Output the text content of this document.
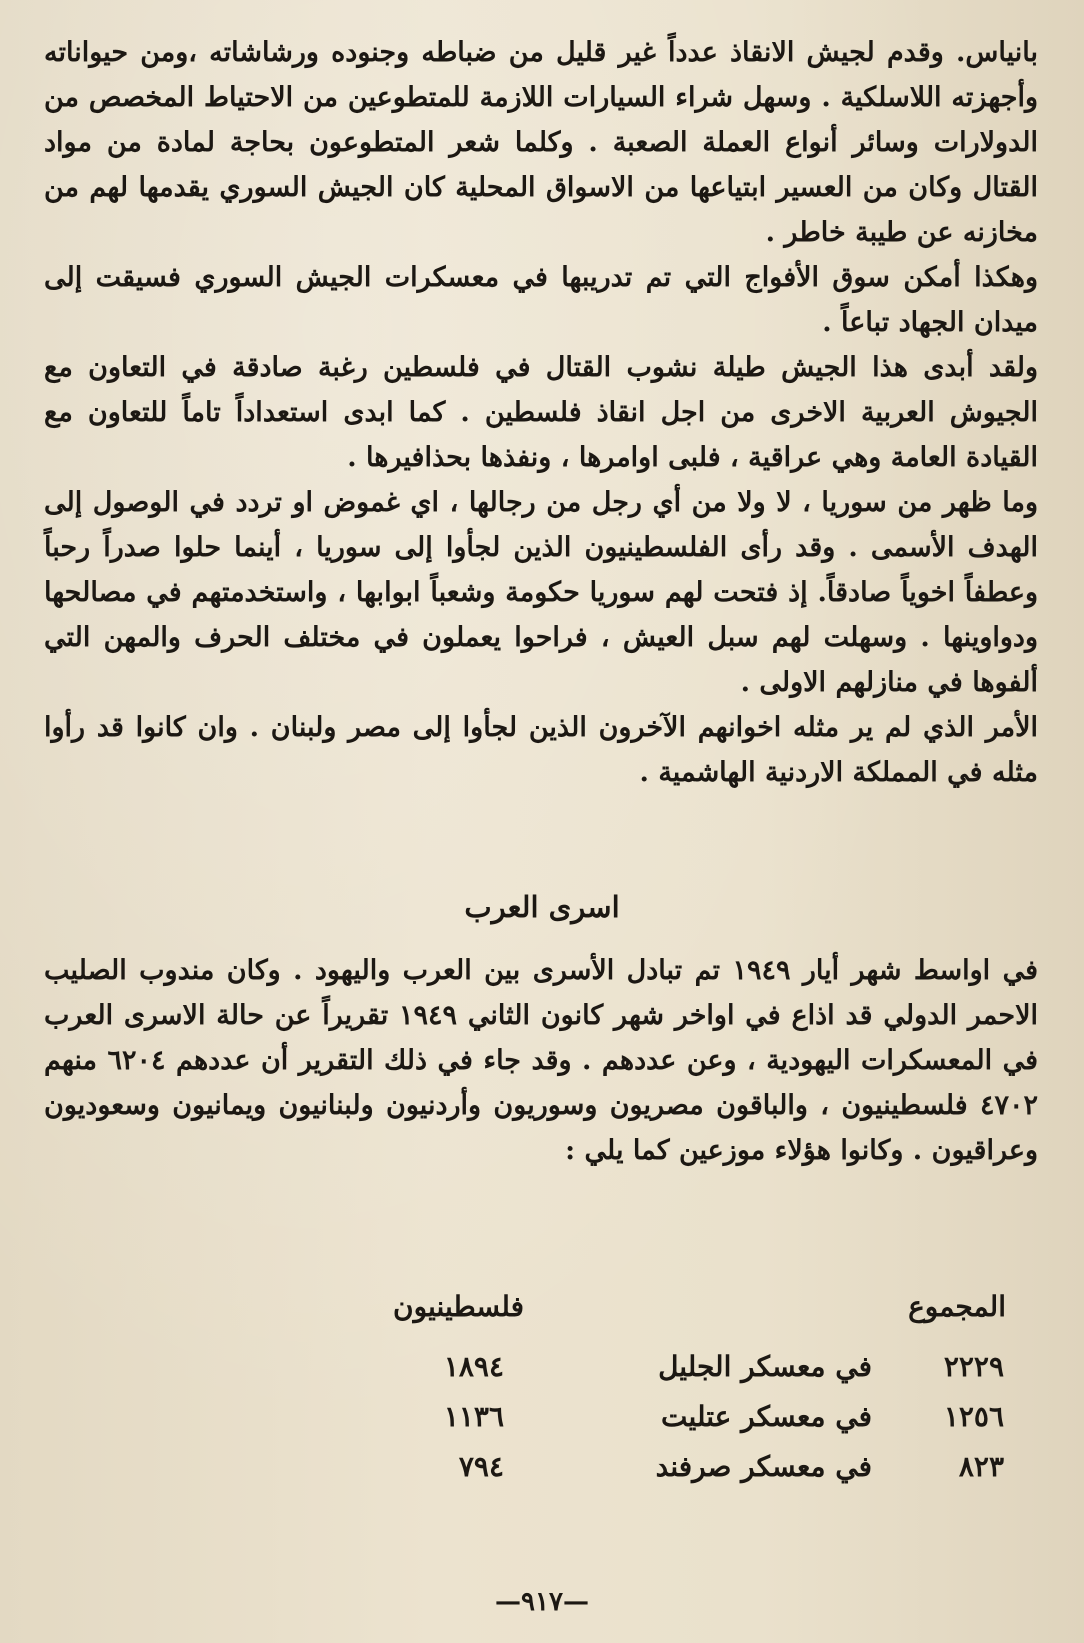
بانياس. وقدم لجيش الانقاذ عدداً غير قليل من ضباطه وجنوده ورشاشاته ،ومن حيواناته وأجهزته اللاسلكية . وسهل شراء السيارات اللازمة للمتطوعين من الاحتياط المخصص من الدولارات وسائر أنواع العملة الصعبة . وكلما شعر المتطوعون بحاجة لمادة من مواد القتال وكان من العسير ابتياعها من الاسواق المحلية كان الجيش السوري يقدمها لهم من مخازنه عن طيبة خاطر .

وهكذا أمكن سوق الأفواج التي تم تدريبها في معسكرات الجيش السوري فسيقت إلى ميدان الجهاد تباعاً .

ولقد أبدى هذا الجيش طيلة نشوب القتال في فلسطين رغبة صادقة في التعاون مع الجيوش العربية الاخرى من اجل انقاذ فلسطين . كما ابدى استعداداً تاماً للتعاون مع القيادة العامة وهي عراقية ، فلبى اوامرها ، ونفذها بحذافيرها .

وما ظهر من سوريا ، لا ولا من أي رجل من رجالها ، اي غموض او تردد في الوصول إلى الهدف الأسمى . وقد رأى الفلسطينيون الذين لجأوا إلى سوريا ، أينما حلوا صدراً رحباً وعطفاً اخوياً صادقاً. إذ فتحت لهم سوريا حكومة وشعباً ابوابها ، واستخدمتهم في مصالحها ودواوينها . وسهلت لهم سبل العيش ، فراحوا يعملون في مختلف الحرف والمهن التي ألفوها في منازلهم الاولى .

الأمر الذي لم ير مثله اخوانهم الآخرون الذين لجأوا إلى مصر ولبنان . وان كانوا قد رأوا مثله في المملكة الاردنية الهاشمية .

اسرى العرب

في اواسط شهر أيار ١٩٤٩ تم تبادل الأسرى بين العرب واليهود . وكان مندوب الصليب الاحمر الدولي قد اذاع في اواخر شهر كانون الثاني ١٩٤٩ تقريراً عن حالة الاسرى العرب في المعسكرات اليهودية ، وعن عددهم . وقد جاء في ذلك التقرير أن عددهم ٦٢٠٤ منهم ٤٧٠٢ فلسطينيون ، والباقون مصريون وسوريون وأردنيون ولبنانيون ويمانيون وسعوديون وعراقيون . وكانوا هؤلاء موزعين كما يلي :

المجموع
فلسطينيون
٢٢٢٩
في معسكر الجليل
١٨٩٤
١٢٥٦
في معسكر عتليت
١١٣٦
٨٢٣
في معسكر صرفند
٧٩٤
—٩١٧—
